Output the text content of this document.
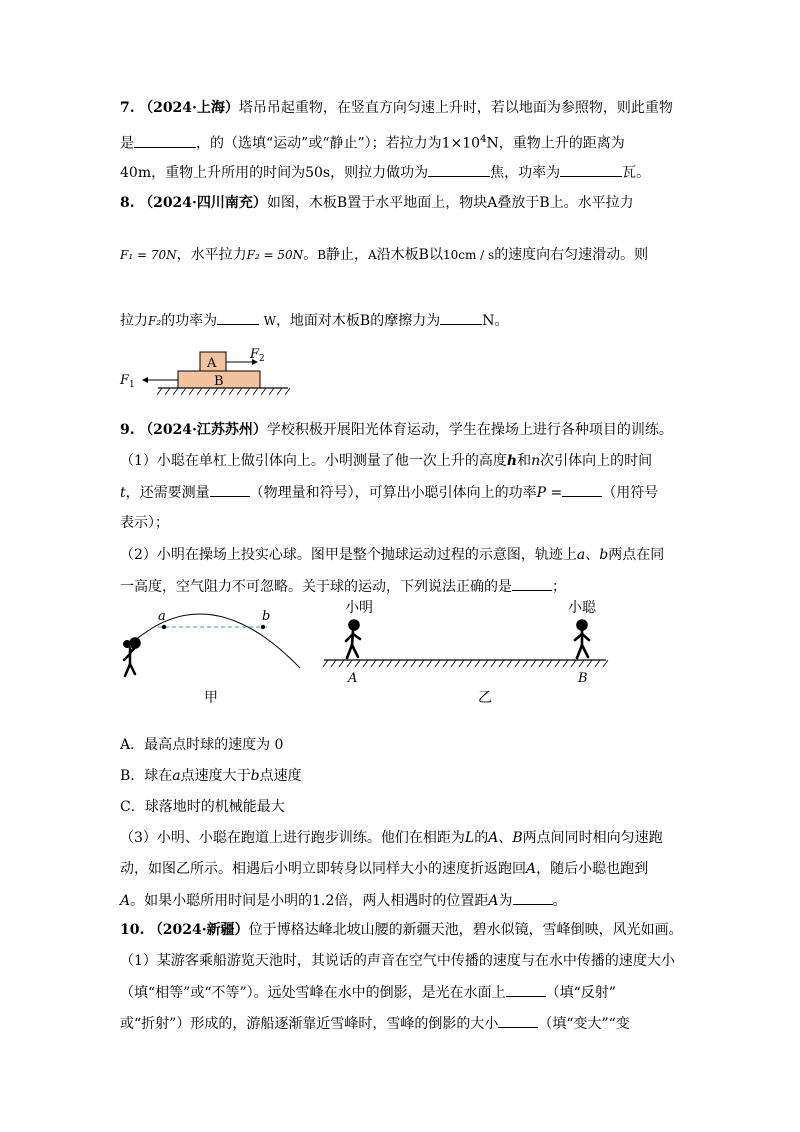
7. （2024·上海）塔吊吊起重物，在竖直方向匀速上升时，若以地面为参照物，则此重物
是	，的（选填“运动”或“静止”）；若拉力为$1\times 10^4N$，重物上升的距离为
40m，重物上升所用的时间为50s，则拉力做功为	焦，功率为	瓦。
8. （2024·四川南充）如图，木板B置于水平地面上，物块A叠放于B上。水平拉力
F₁ = 70N，水平拉力F₂ = 50N。B静止，A沿木板B以10cm / s的速度向右匀速滑动。则
拉力F₂的功率为	W，地面对木板B的摩擦力为	N。
A
B
F 2
F 1
9. （2024·江苏苏州）学校积极开展阳光体育运动，学生在操场上进行各种项目的训练。
（1）小聪在单杠上做引体向上。小明测量了他一次上升的高度h和n次引体向上的时间
t，还需要测量	（物理量和符号），可算出小聪引体向上的功率P =	（用符号
表示）；
（2）小明在操场上投实心球。图甲是整个抛球运动过程的示意图，轨迹上a、b两点在同
一高度，空气阻力不可忽略。关于球的运动，下列说法正确的是	；
a	b
甲
小明	小聪
A	B
乙
A．最高点时球的速度为 0
B．球在a点速度大于b点速度
C．球落地时的机械能最大
（3）小明、小聪在跑道上进行跑步训练。他们在相距为L的A、B两点间同时相向匀速跑
动，如图乙所示。相遇后小明立即转身以同样大小的速度折返跑回A，随后小聪也跑到
A。如果小聪所用时间是小明的1.2倍，两人相遇时的位置距A为	。
10. （2024·新疆）位于博格达峰北坡山腰的新疆天池，碧水似镜，雪峰倒映，风光如画。
（1）某游客乘船游览天池时，其说话的声音在空气中传播的速度与在水中传播的速度大小
（填“相等”或“不等”）。远处雪峰在水中的倒影，是光在水面上	（填“反射”
或“折射”）形成的，游船逐渐靠近雪峰时，雪峰的倒影的大小	（填“变大”“变
